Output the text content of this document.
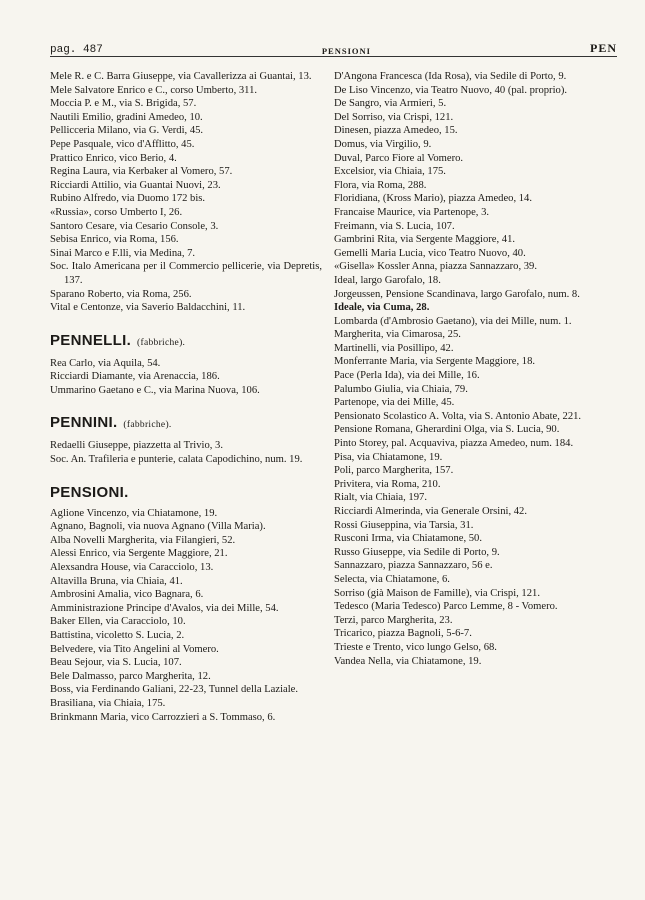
pag. 487	PENSIONI	PEN
Mele R. e C. Barra Giuseppe, via Cavallerizza ai Guantai, 13.
Mele Salvatore Enrico e C., corso Umberto, 311.
Moccia P. e M., via S. Brigida, 57.
Nautili Emilio, gradini Amedeo, 10.
Pellicceria Milano, via G. Verdi, 45.
Pepe Pasquale, vico d'Afflitto, 45.
Prattico Enrico, vico Berio, 4.
Regina Laura, via Kerbaker al Vomero, 57.
Ricciardi Attilio, via Guantai Nuovi, 23.
Rubino Alfredo, via Duomo 172 bis.
«Russia», corso Umberto I, 26.
Santoro Cesare, via Cesario Console, 3.
Sebisa Enrico, via Roma, 156.
Sinai Marco e F.lli, via Medina, 7.
Soc. Italo Americana per il Commercio pellicerie, via Depretis, 137.
Sparano Roberto, via Roma, 256.
Vital e Centonze, via Saverio Baldacchini, 11.
PENNELLI. (fabbriche).
Rea Carlo, via Aquila, 54.
Ricciardi Diamante, via Arenaccia, 186.
Ummarino Gaetano e C., via Marina Nuova, 106.
PENNINI. (fabbriche).
Redaelli Giuseppe, piazzetta al Trivio, 3.
Soc. An. Trafileria e punterie, calata Capodichino, num. 19.
PENSIONI.
Aglione Vincenzo, via Chiatamone, 19.
Agnano, Bagnoli, via nuova Agnano (Villa Maria).
Alba Novelli Margherita, via Filangieri, 52.
Alessi Enrico, via Sergente Maggiore, 21.
Alexsandra House, via Caracciolo, 13.
Altavilla Bruna, via Chiaia, 41.
Ambrosini Amalia, vico Bagnara, 6.
Amministrazione Principe d'Avalos, via dei Mille, 54.
Baker Ellen, via Caracciolo, 10.
Battistina, vicoletto S. Lucia, 2.
Belvedere, via Tito Angelini al Vomero.
Beau Sejour, via S. Lucia, 107.
Bele Dalmasso, parco Margherita, 12.
Boss, via Ferdinando Galiani, 22-23, Tunnel della Laziale.
Brasiliana, via Chiaia, 175.
Brinkmann Maria, vico Carrozzieri a S. Tommaso, 6.
D'Angona Francesca (Ida Rosa), via Sedile di Porto, 9.
De Liso Vincenzo, via Teatro Nuovo, 40 (pal. proprio).
De Sangro, via Armieri, 5.
Del Sorriso, via Crispi, 121.
Dinesen, piazza Amedeo, 15.
Domus, via Virgilio, 9.
Duval, Parco Fiore al Vomero.
Excelsior, via Chiaia, 175.
Flora, via Roma, 288.
Floridiana, (Kross Mario), piazza Amedeo, 14.
Francaise Maurice, via Partenope, 3.
Freimann, via S. Lucia, 107.
Gambrini Rita, via Sergente Maggiore, 41.
Gemelli Maria Lucia, vico Teatro Nuovo, 40.
«Gisella» Kossler Anna, piazza Sannazzaro, 39.
Ideal, largo Garofalo, 18.
Jorgeussen, Pensione Scandinava, largo Garofalo, num. 8.
Ideale, via Cuma, 28.
Lombarda (d'Ambrosio Gaetano), via dei Mille, num. 1.
Margherita, via Cimarosa, 25.
Martinelli, via Posillipo, 42.
Monferrante Maria, via Sergente Maggiore, 18.
Pace (Perla Ida), via dei Mille, 16.
Palumbo Giulia, via Chiaia, 79.
Partenope, via dei Mille, 45.
Pensionato Scolastico A. Volta, via S. Antonio Abate, 221.
Pensione Romana, Gherardini Olga, via S. Lucia, 90.
Pinto Storey, pal. Acquaviva, piazza Amedeo, num. 184.
Pisa, via Chiatamone, 19.
Poli, parco Margherita, 157.
Privitera, via Roma, 210.
Rialt, via Chiaia, 197.
Ricciardi Almerinda, via Generale Orsini, 42.
Rossi Giuseppina, via Tarsia, 31.
Rusconi Irma, via Chiatamone, 50.
Russo Giuseppe, via Sedile di Porto, 9.
Sannazzaro, piazza Sannazzaro, 56 e.
Selecta, via Chiatamone, 6.
Sorriso (già Maison de Famille), via Crispi, 121.
Tedesco (Maria Tedesco) Parco Lemme, 8 - Vomero.
Terzi, parco Margherita, 23.
Tricarico, piazza Bagnoli, 5-6-7.
Trieste e Trento, vico lungo Gelso, 68.
Vandea Nella, via Chiatamone, 19.
